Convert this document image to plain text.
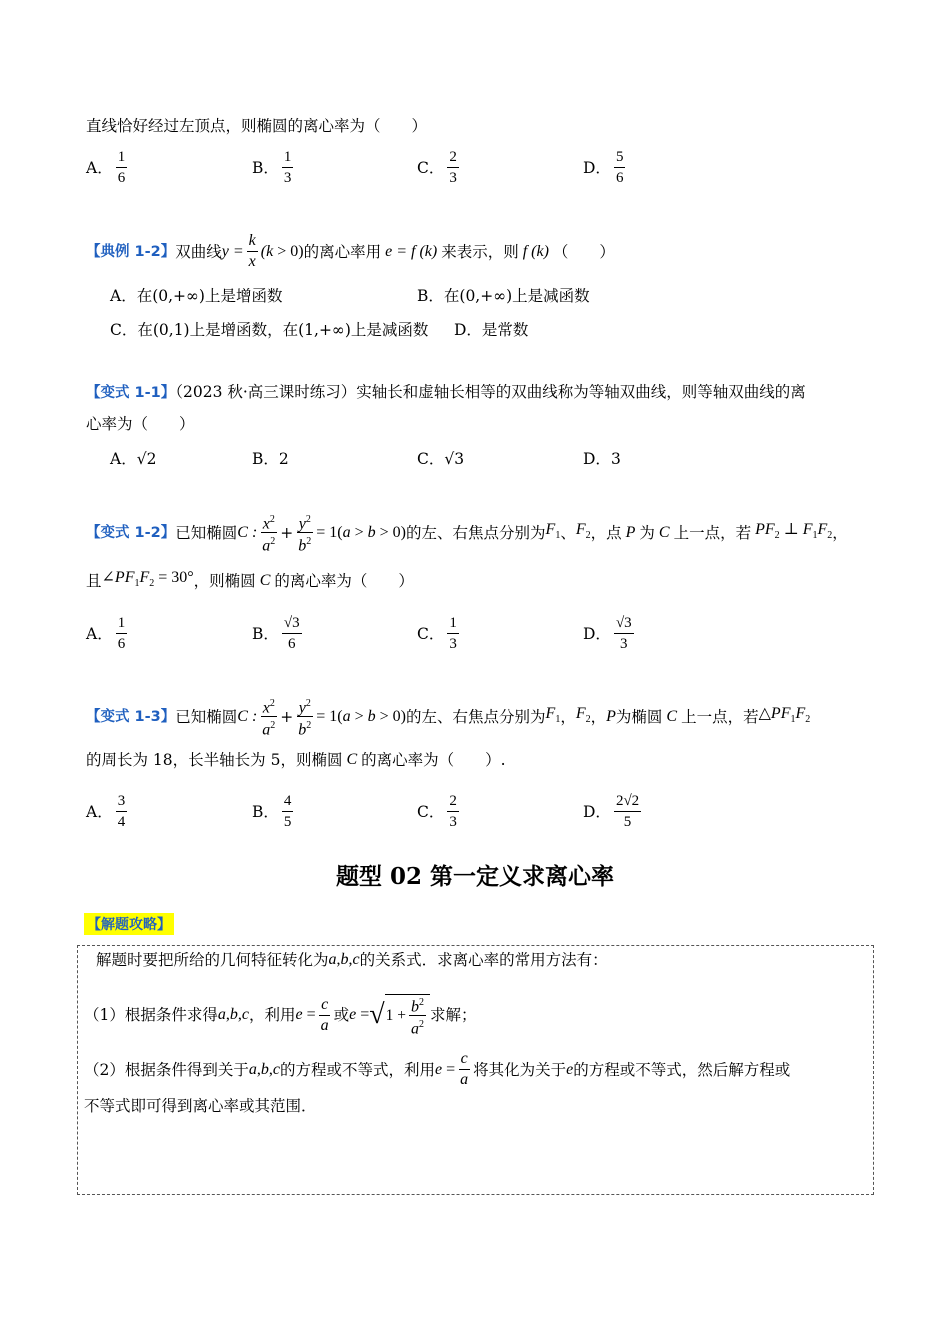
直线恰好经过左顶点，则椭圆的离心率为（　　）
A． $\frac{1}{6}$	B． $\frac{1}{3}$	C． $\frac{2}{3}$	D． $\frac{5}{6}$
【典例 1-2】 双曲线 $y = \frac{k}{x} (k > 0)$ 的离心率用 e = f (k) 来表示，则 f (k) （　　）
A．在(0,+∞)上是增函数	B．在(0,+∞)上是减函数
C．在(0,1)上是增函数，在(1,+∞)上是减函数 D．是常数
【变式 1-1】（2023 秋·高三课时练习）实轴长和虚轴长相等的双曲线称为等轴双曲线，则等轴双曲线的离
心率为（　　）
A． √2	B． 2	C． √3	D． 3
【变式 1-2】 已知椭圆 C : $\frac{x^2}{a^2} + \frac{y^2}{b^2} = 1(a > b > 0)$ 的左、右焦点分别为 $F_1$ 、 $F_2$ ，点 P 为 C 上一点，若 $PF_2$ ⊥ $F_1F_2$ ，
且 $\angle PF_1F_2 = 30^\circ$ ，则椭圆 C 的离心率为（　　）
A． $\frac{1}{6}$	B． $\frac{√3}{6}$	C． $\frac{1}{3}$	D． $\frac{√3}{3}$
【变式 1-3】 已知椭圆 C : $\frac{x^2}{a^2} + \frac{y^2}{b^2} = 1(a > b > 0)$ 的左、右焦点分别为 $F_1$ ， $F_2$ ， P 为椭圆 C 上一点，若 $\triangle PF_1F_2$
的周长为 18，长半轴长为 5，则椭圆 C 的离心率为（　　）.
A． $\frac{3}{4}$	B． $\frac{4}{5}$	C． $\frac{2}{3}$	D． $\frac{2√2}{5}$
题型 02 第一定义求离心率
【解题攻略】
解题时要把所给的几何特征转化为 a,b,c 的关系式．求离心率的常用方法有：
（1）根据条件求得 a,b,c ，利用 $e = \frac{c}{a}$ 或 e = √ $1 + \frac{b^2}{a^2}$ 求解；
（2）根据条件得到关于 a,b,c 的方程或不等式，利用 $e = \frac{c}{a}$ 将其化为关于 e 的方程或不等式，然后解方程或
不等式即可得到离心率或其范围．
